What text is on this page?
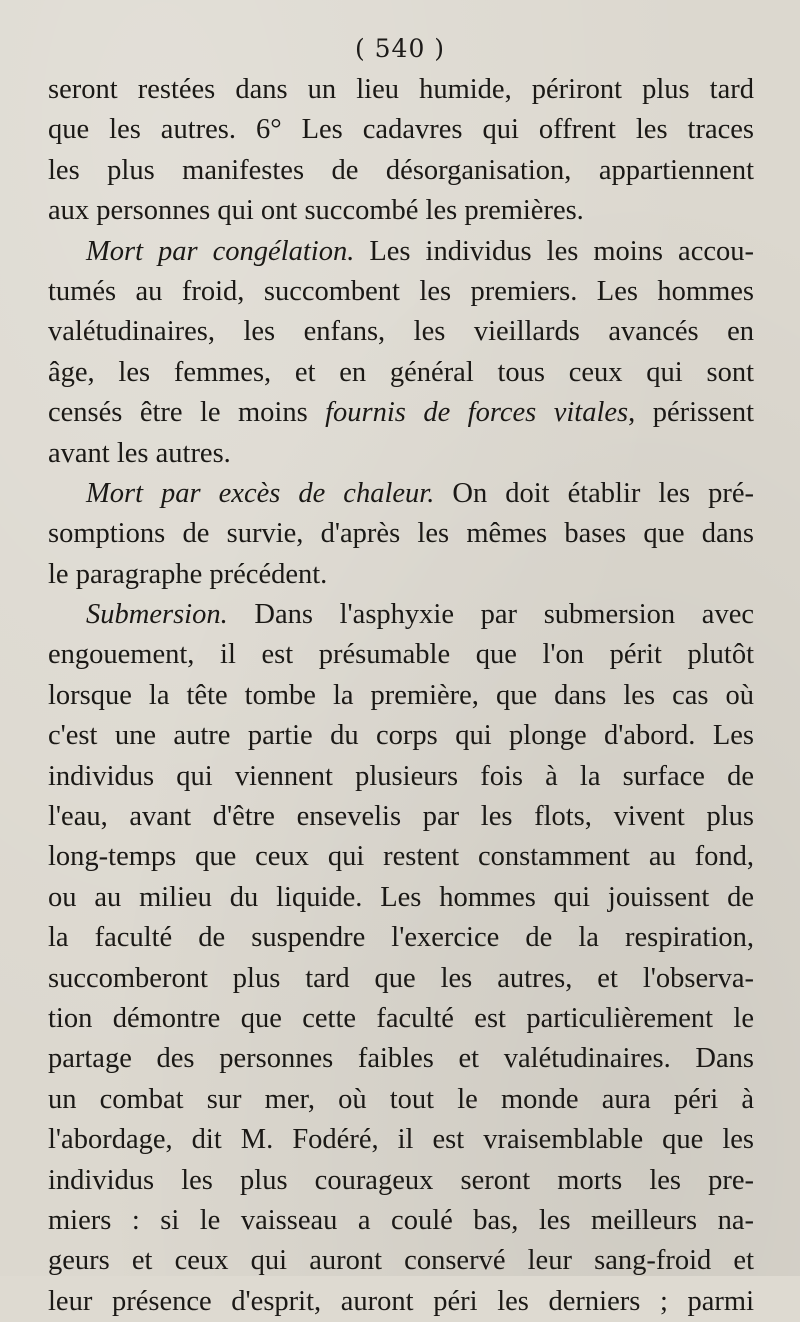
( 540 )
seront restées dans un lieu humide, périront plus tard
que les autres. 6° Les cadavres qui offrent les traces
les plus manifestes de désorganisation, appartiennent
aux personnes qui ont succombé les premières.
Mort par congélation. Les individus les moins accou-
tumés au froid, succombent les premiers. Les hommes
valétudinaires, les enfans, les vieillards avancés en
âge, les femmes, et en général tous ceux qui sont
censés être le moins fournis de forces vitales, périssent
avant les autres.
Mort par excès de chaleur. On doit établir les pré-
somptions de survie, d'après les mêmes bases que dans
le paragraphe précédent.
Submersion. Dans l'asphyxie par submersion avec
engouement, il est présumable que l'on périt plutôt
lorsque la tête tombe la première, que dans les cas où
c'est une autre partie du corps qui plonge d'abord. Les
individus qui viennent plusieurs fois à la surface de
l'eau, avant d'être ensevelis par les flots, vivent plus
long-temps que ceux qui restent constamment au fond,
ou au milieu du liquide. Les hommes qui jouissent de
la faculté de suspendre l'exercice de la respiration,
succomberont plus tard que les autres, et l'observa-
tion démontre que cette faculté est particulièrement le
partage des personnes faibles et valétudinaires. Dans
un combat sur mer, où tout le monde aura péri à
l'abordage, dit M. Fodéré, il est vraisemblable que les
individus les plus courageux seront morts les pre-
miers : si le vaisseau a coulé bas, les meilleurs na-
geurs et ceux qui auront conservé leur sang-froid et
leur présence d'esprit, auront péri les derniers ; parmi
